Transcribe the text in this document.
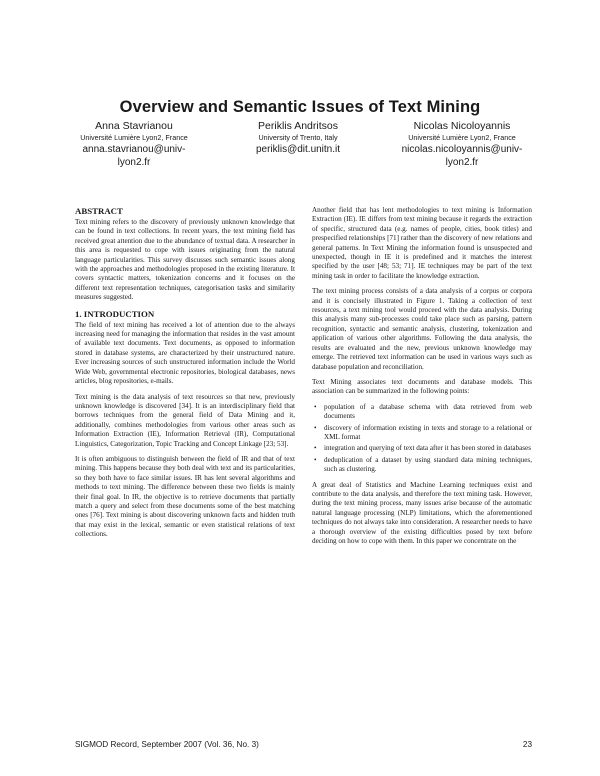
Overview and Semantic Issues of Text Mining
Anna Stavrianou
Université Lumière Lyon2, France
anna.stavrianou@univ-
lyon2.fr
Periklis Andritsos
University of Trento, Italy
periklis@dit.unitn.it
Nicolas Nicoloyannis
Université Lumière Lyon2, France
nicolas.nicoloyannis@univ-
lyon2.fr
ABSTRACT

Text mining refers to the discovery of previously unknown knowledge that can be found in text collections. In recent years, the text mining field has received great attention due to the abundance of textual data. A researcher in this area is requested to cope with issues originating from the natural language particularities. This survey discusses such semantic issues along with the approaches and methodologies proposed in the existing literature. It covers syntactic matters, tokenization concerns and it focuses on the different text representation techniques, categorisation tasks and similarity measures suggested.

1. INTRODUCTION

The field of text mining has received a lot of attention due to the always increasing need for managing the information that resides in the vast amount of available text documents. Text documents, as opposed to information stored in database systems, are characterized by their unstructured nature. Ever increasing sources of such unstructured information include the World Wide Web, governmental electronic repositories, biological databases, news articles, blog repositories, e-mails.

Text mining is the data analysis of text resources so that new, previously unknown knowledge is discovered [34]. It is an interdisciplinary field that borrows techniques from the general field of Data Mining and it, additionally, combines methodologies from various other areas such as Information Extraction (IE), Information Retrieval (IR), Computational Linguistics, Categorization, Topic Tracking and Concept Linkage [23; 53].

It is often ambiguous to distinguish between the field of IR and that of text mining. This happens because they both deal with text and its particularities, so they both have to face similar issues. IR has lent several algorithms and methods to text mining. The difference between these two fields is mainly their final goal. In IR, the objective is to retrieve documents that partially match a query and select from these documents some of the best matching ones [76]. Text mining is about discovering unknown facts and hidden truth that may exist in the lexical, semantic or even statistical relations of text collections.

Another field that has lent methodologies to text mining is Information Extraction (IE). IE differs from text mining because it regards the extraction of specific, structured data (e.g. names of people, cities, book titles) and prespecified relationships [71] rather than the discovery of new relations and general patterns. In Text Mining the information found is unsuspected and unexpected, though in IE it is predefined and it matches the interest specified by the user [48; 53; 71]. IE techniques may be part of the text mining task in order to facilitate the knowledge extraction.

The text mining process consists of a data analysis of a corpus or corpora and it is concisely illustrated in Figure 1. Taking a collection of text resources, a text mining tool would proceed with the data analysis. During this analysis many sub-processes could take place such as parsing, pattern recognition, syntactic and semantic analysis, clustering, tokenization and application of various other algorithms. Following the data analysis, the results are evaluated and the new, previous unknown knowledge may emerge. The retrieved text information can be used in various ways such as database population and reconciliation.

Text Mining associates text documents and database models. This association can be summarized in the following points:

• population of a database schema with data retrieved from web documents
• discovery of information existing in texts and storage to a relational or XML format
• integration and querying of text data after it has been stored in databases
• deduplication of a dataset by using standard data mining techniques, such as clustering.

A great deal of Statistics and Machine Learning techniques exist and contribute to the data analysis, and therefore the text mining task. However, during the text mining process, many issues arise because of the automatic natural language processing (NLP) limitations, which the aforementioned techniques do not always take into consideration. A researcher needs to have a thorough overview of the existing difficulties posed by text before deciding on how to cope with them. In this paper we concentrate on the

SIGMOD Record, September 2007 (Vol. 36, No. 3)	23
